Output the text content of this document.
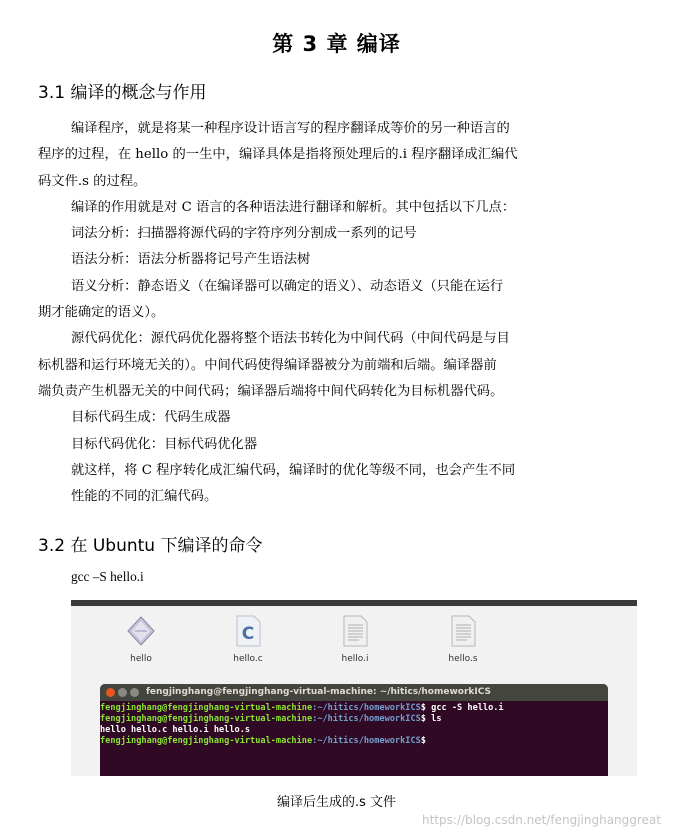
第 3 章 编译
3.1 编译的概念与作用
编译程序，就是将某一种程序设计语言写的程序翻译成等价的另一种语言的
程序的过程，在 hello 的一生中，编译具体是指将预处理后的.i 程序翻译成汇编代
码文件.s 的过程。
编译的作用就是对 C 语言的各种语法进行翻译和解析。其中包括以下几点：
词法分析：扫描器将源代码的字符序列分割成一系列的记号
语法分析：语法分析器将记号产生语法树
语义分析：静态语义（在编译器可以确定的语义）、动态语义（只能在运行
期才能确定的语义）。
源代码优化：源代码优化器将整个语法书转化为中间代码（中间代码是与目
标机器和运行环境无关的）。中间代码使得编译器被分为前端和后端。编译器前
端负责产生机器无关的中间代码；编译器后端将中间代码转化为目标机器代码。
目标代码生成：代码生成器
目标代码优化：目标代码优化器
就这样，将 C 程序转化成汇编代码，编译时的优化等级不同，也会产生不同
性能的不同的汇编代码。
3.2 在 Ubuntu 下编译的命令
gcc –S hello.i
hello
C
hello.c	hello.i	hello.s
fengjinghang@fengjinghang-virtual-machine: ~/hitics/homeworkICS
fengjinghang@fengjinghang-virtual-machine:~/hitics/homeworkICS$ gcc -S hello.i
fengjinghang@fengjinghang-virtual-machine:~/hitics/homeworkICS$ ls
hello hello.c hello.i hello.s
fengjinghang@fengjinghang-virtual-machine:~/hitics/homeworkICS$
编译后生成的.s 文件
https://blog.csdn.net/fengjinghanggreat
